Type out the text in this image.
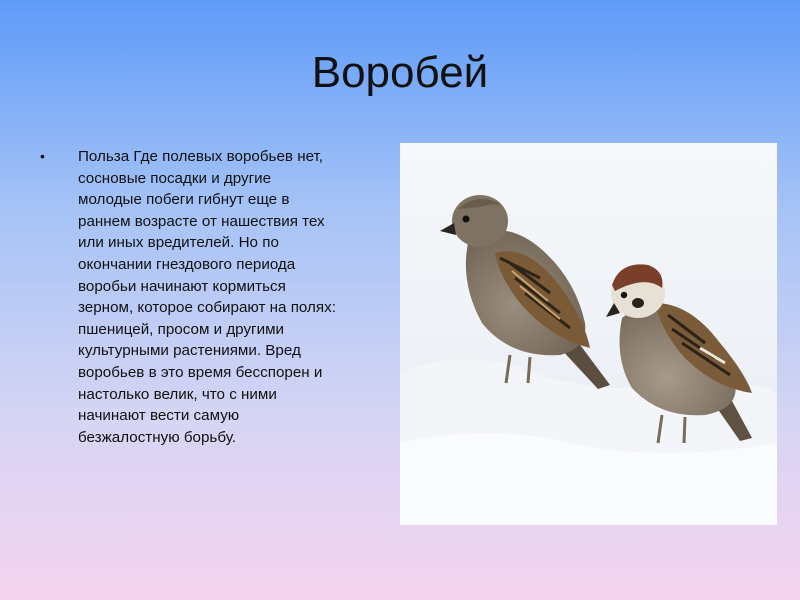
Воробей
•	Польза Где полевых воробьев нет,
сосновые посадки и другие
молодые побеги гибнут еще в
раннем возрасте от нашествия тех
или иных вредителей. Но по
окончании гнездового периода
воробьи начинают кормиться
зерном, которое собирают на полях:
пшеницей, просом и другими
культурными растениями. Вред
воробьев в это время бесспорен и
настолько велик, что с ними
начинают вести самую
безжалостную борьбу.
